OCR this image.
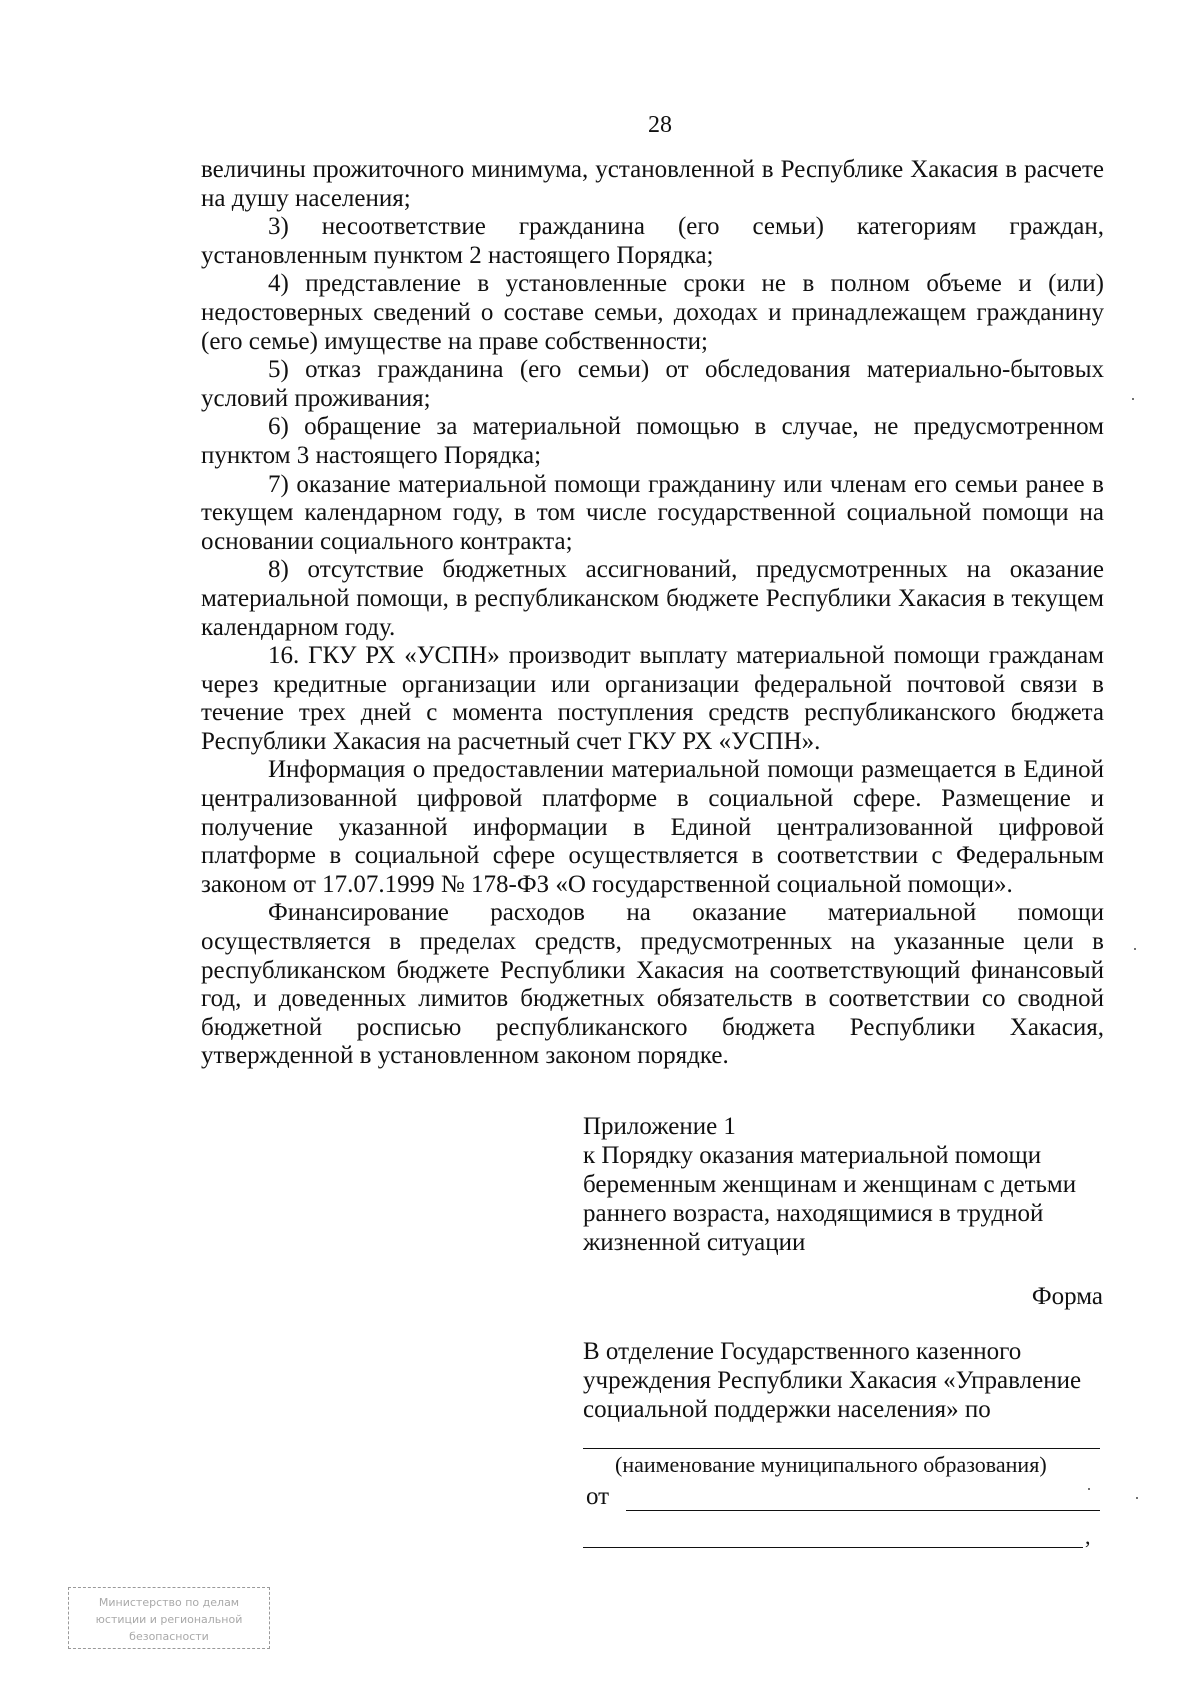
28

величины прожиточного минимума, установленной в Республике Хакасия в расчете на душу населения;

3) несоответствие гражданина (его семьи) категориям граждан, установленным пунктом 2 настоящего Порядка;

4) представление в установленные сроки не в полном объеме и (или) недостоверных сведений о составе семьи, доходах и принадлежащем гражданину (его семье) имуществе на праве собственности;

5) отказ гражданина (его семьи) от обследования материально-бытовых условий проживания;

6) обращение за материальной помощью в случае, не предусмотренном пунктом 3 настоящего Порядка;

7) оказание материальной помощи гражданину или членам его семьи ранее в текущем календарном году, в том числе государственной социальной помощи на основании социального контракта;

8) отсутствие бюджетных ассигнований, предусмотренных на оказание материальной помощи, в республиканском бюджете Республики Хакасия в текущем календарном году.

16. ГКУ РХ «УСПН» производит выплату материальной помощи гражданам через кредитные организации или организации федеральной почтовой связи в течение трех дней с момента поступления средств республиканского бюджета Республики Хакасия на расчетный счет ГКУ РХ «УСПН».

Информация о предоставлении материальной помощи размещается в Единой централизованной цифровой платформе в социальной сфере. Размещение и получение указанной информации в Единой централизованной цифровой платформе в социальной сфере осуществляется в соответствии с Федеральным законом от 17.07.1999 № 178-ФЗ «О государственной социальной помощи».

Финансирование расходов на оказание материальной помощи осуществляется в пределах средств, предусмотренных на указанные цели в республиканском бюджете Республики Хакасия на соответствующий финансовый год, и доведенных лимитов бюджетных обязательств в соответствии со сводной бюджетной росписью республиканского бюджета Республики Хакасия, утвержденной в установленном законом порядке.

Приложение 1
к Порядку оказания материальной помощи
беременным женщинам и женщинам с детьми
раннего возраста, находящимися в трудной
жизненной ситуации
Форма
В отделение Государственного казенного
учреждения Республики Хакасия «Управление
социальной поддержки населения» по
(наименование муниципального образования)
от
,
Министерство по делам
юстиции и региональной
безопасности
